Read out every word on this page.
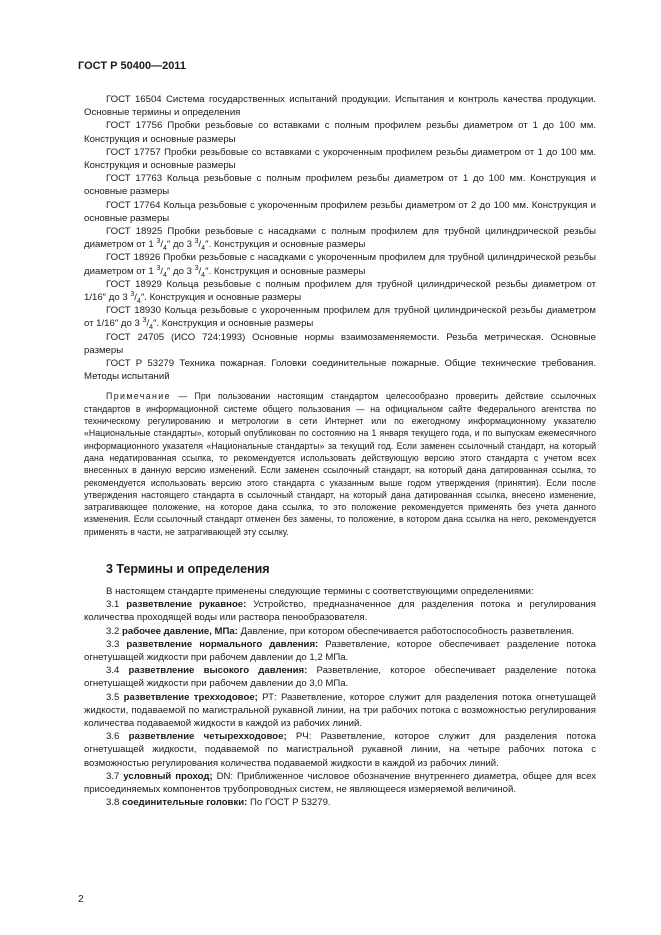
ГОСТ Р 50400—2011

ГОСТ 16504 Система государственных испытаний продукции. Испытания и контроль качества продукции. Основные термины и определения

ГОСТ 17756 Пробки резьбовые со вставками с полным профилем резьбы диаметром от 1 до 100 мм. Конструкция и основные размеры

ГОСТ 17757 Пробки резьбовые со вставками с укороченным профилем резьбы диаметром от 1 до 100 мм. Конструкция и основные размеры

ГОСТ 17763 Кольца резьбовые с полным профилем резьбы диаметром от 1 до 100 мм. Конструкция и основные размеры

ГОСТ 17764 Кольца резьбовые с укороченным профилем резьбы диаметром от 2 до 100 мм. Конструкция и основные размеры

ГОСТ 18925 Пробки резьбовые с насадками с полным профилем для трубной цилиндрической резьбы диаметром от 1 $^3/_4''$ до 3 $^3/_4''$. Конструкция и основные размеры

ГОСТ 18926 Пробки резьбовые с насадками с укороченным профилем для трубной цилиндрической резьбы диаметром от 1 $^3/_4''$ до 3 $^3/_4''$. Конструкция и основные размеры

ГОСТ 18929 Кольца резьбовые с полным профилем для трубной цилиндрической резьбы диаметром от 1/16″ до 3 $^3/_4''$. Конструкция и основные размеры

ГОСТ 18930 Кольца резьбовые с укороченным профилем для трубной цилиндрической резьбы диаметром от 1/16″ до 3 $^3/_4''$. Конструкция и основные размеры

ГОСТ 24705 (ИСО 724:1993) Основные нормы взаимозаменяемости. Резьба метрическая. Основные размеры

ГОСТ Р 53279 Техника пожарная. Головки соединительные пожарные. Общие технические требования. Методы испытаний

Примечание — При пользовании настоящим стандартом целесообразно проверить действие ссылочных стандартов в информационной системе общего пользования — на официальном сайте Федерального агентства по техническому регулированию и метрологии в сети Интернет или по ежегодному информационному указателю «Национальные стандарты», который опубликован по состоянию на 1 января текущего года, и по выпускам ежемесячного информационного указателя «Национальные стандарты» за текущий год. Если заменен ссылочный стандарт, на который дана недатированная ссылка, то рекомендуется использовать действующую версию этого стандарта с учетом всех внесенных в данную версию изменений. Если заменен ссылочный стандарт, на который дана датированная ссылка, то рекомендуется использовать версию этого стандарта с указанным выше годом утверждения (принятия). Если после утверждения настоящего стандарта в ссылочный стандарт, на который дана датированная ссылка, внесено изменение, затрагивающее положение, на которое дана ссылка, то это положение рекомендуется применять без учета данного изменения. Если ссылочный стандарт отменен без замены, то положение, в котором дана ссылка на него, рекомендуется применять в части, не затрагивающей эту ссылку.

3 Термины и определения

В настоящем стандарте применены следующие термины с соответствующими определениями:

3.1 разветвление рукавное: Устройство, предназначенное для разделения потока и регулирования количества проходящей воды или раствора пенообразователя.

3.2 рабочее давление, МПа: Давление, при котором обеспечивается работоспособность разветвления.

3.3 разветвление нормального давления: Разветвление, которое обеспечивает разделение потока огнетушащей жидкости при рабочем давлении до 1,2 МПа.

3.4 разветвление высокого давления: Разветвление, которое обеспечивает разделение потока огнетушащей жидкости при рабочем давлении до 3,0 МПа.

3.5 разветвление трехходовое; РТ: Разветвление, которое служит для разделения потока огнетушащей жидкости, подаваемой по магистральной рукавной линии, на три рабочих потока с возможностью регулирования количества подаваемой жидкости в каждой из рабочих линий.

3.6 разветвление четырехходовое; РЧ: Разветвление, которое служит для разделения потока огнетушащей жидкости, подаваемой по магистральной рукавной линии, на четыре рабочих потока с возможностью регулирования количества подаваемой жидкости в каждой из рабочих линий.

3.7 условный проход; DN: Приближенное числовое обозначение внутреннего диаметра, общее для всех присоединяемых компонентов трубопроводных систем, не являющееся измеряемой величиной.

3.8 соединительные головки: По ГОСТ Р 53279.

2
